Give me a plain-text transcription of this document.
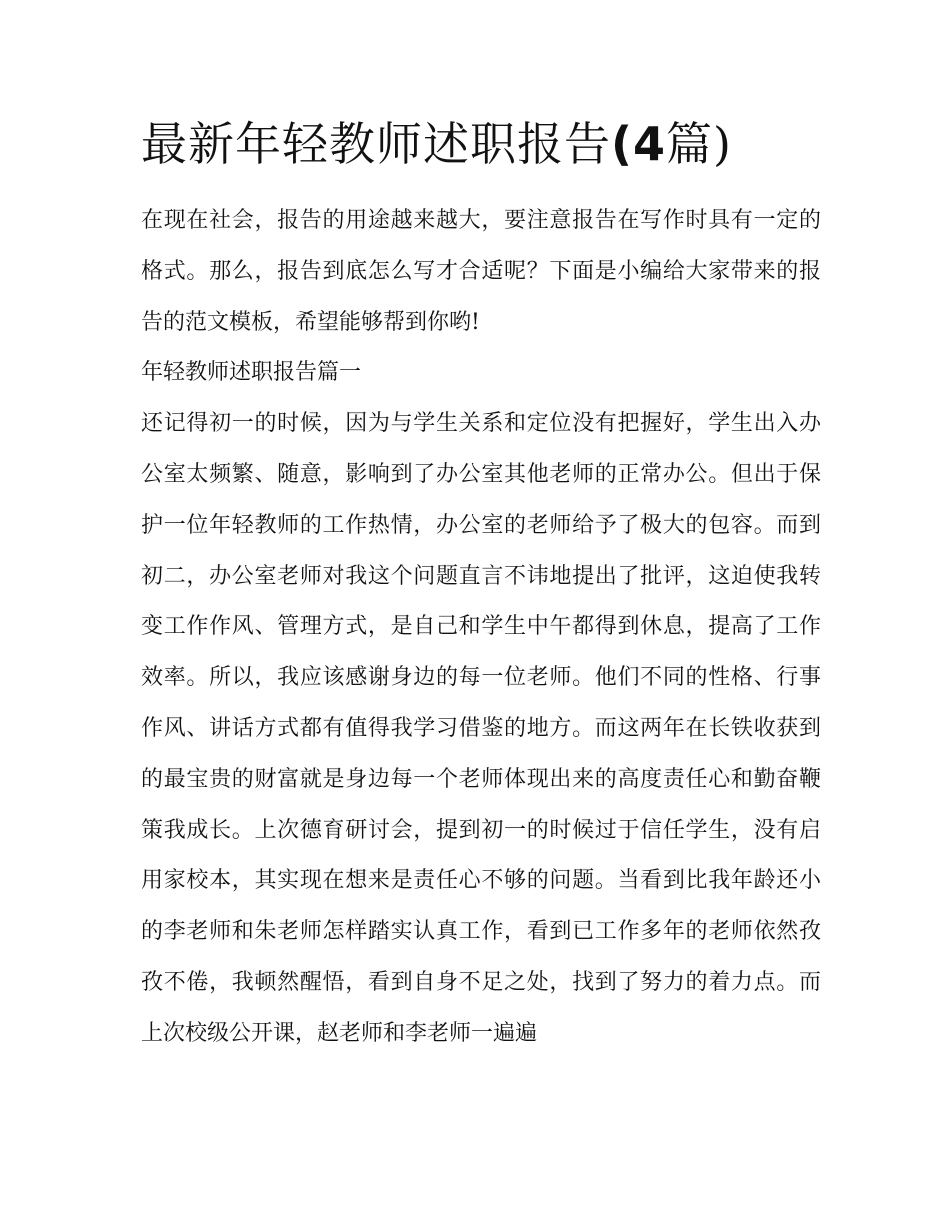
最新年轻教师述职报告(4篇)

在现在社会，报告的用途越来越大，要注意报告在写作时具有一定的格式。那么，报告到底怎么写才合适呢？下面是小编给大家带来的报告的范文模板，希望能够帮到你哟!

年轻教师述职报告篇一

还记得初一的时候，因为与学生关系和定位没有把握好，学生出入办公室太频繁、随意，影响到了办公室其他老师的正常办公。但出于保护一位年轻教师的工作热情，办公室的老师给予了极大的包容。而到初二，办公室老师对我这个问题直言不讳地提出了批评，这迫使我转变工作作风、管理方式，是自己和学生中午都得到休息，提高了工作效率。所以，我应该感谢身边的每一位老师。他们不同的性格、行事作风、讲话方式都有值得我学习借鉴的地方。而这两年在长铁收获到的最宝贵的财富就是身边每一个老师体现出来的高度责任心和勤奋鞭策我成长。上次德育研讨会，提到初一的时候过于信任学生，没有启用家校本，其实现在想来是责任心不够的问题。当看到比我年龄还小的李老师和朱老师怎样踏实认真工作，看到已工作多年的老师依然孜孜不倦，我顿然醒悟，看到自身不足之处，找到了努力的着力点。而上次校级公开课，赵老师和李老师一遍遍
